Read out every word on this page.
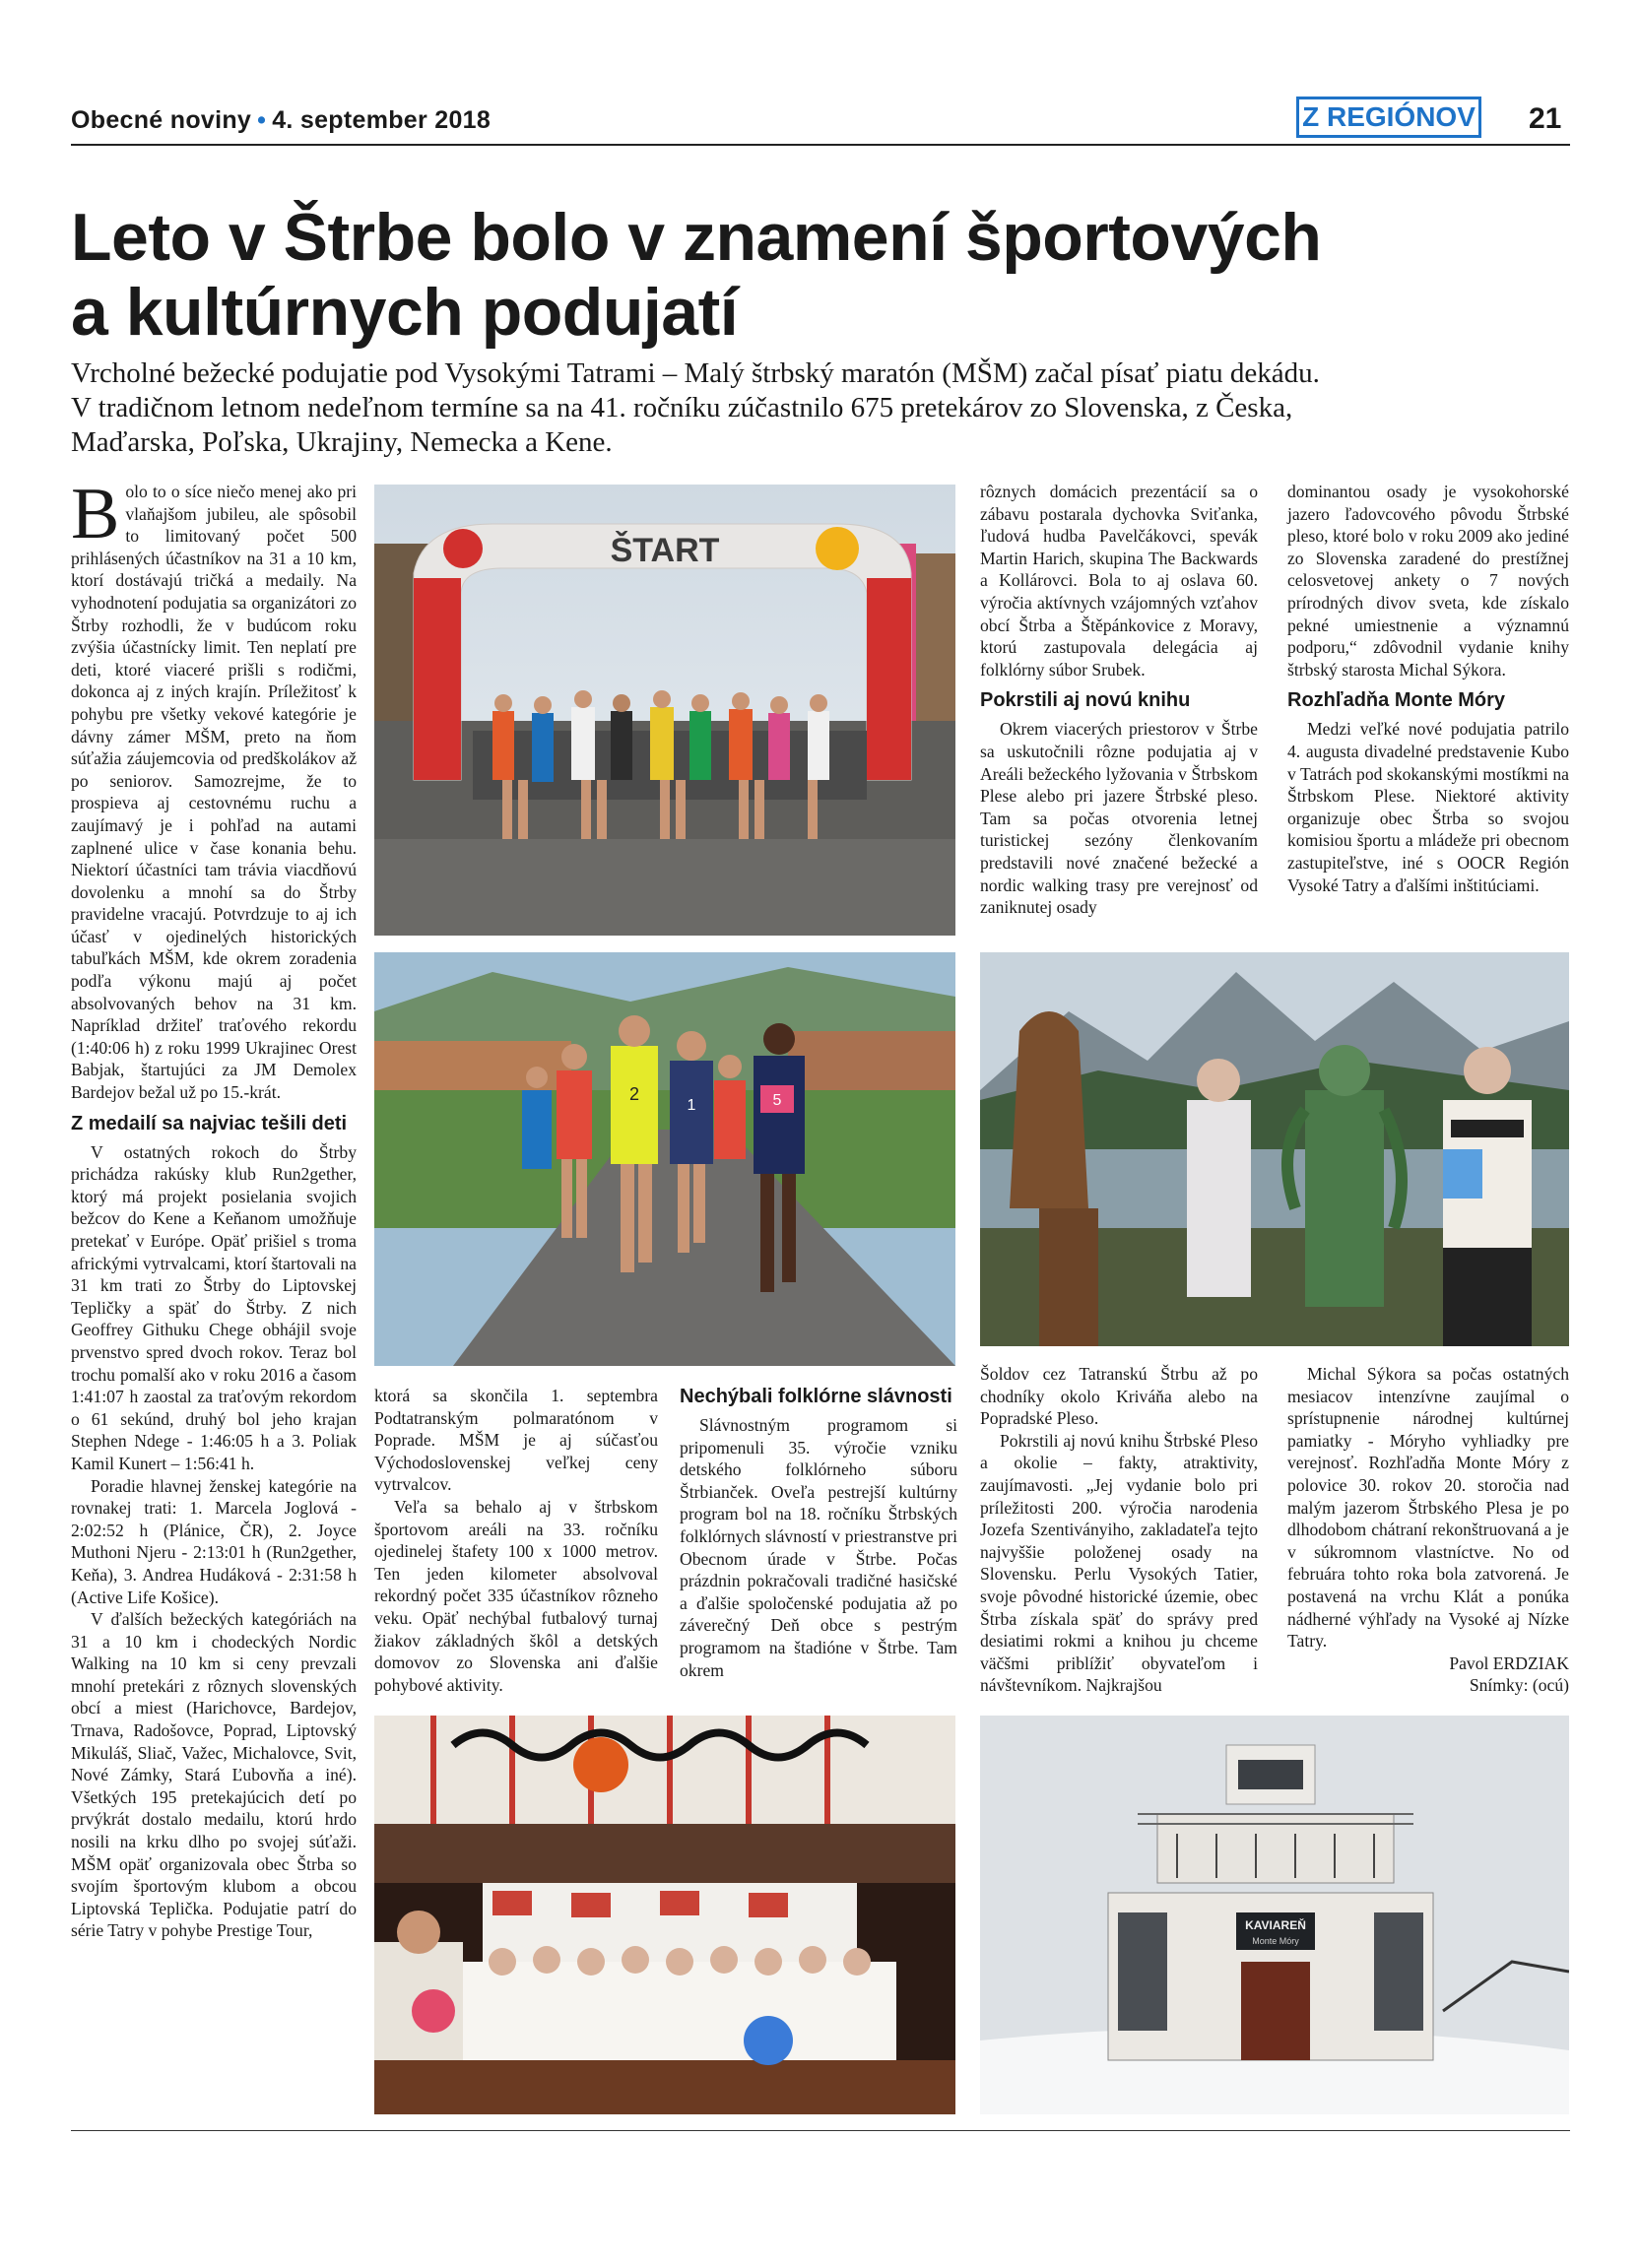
Obecné noviny • 4. september 2018	Z REGIÓNOV 21
Leto v Štrbe bolo v znamení športových
a kultúrnych podujatí
Vrcholné bežecké podujatie pod Vysokými Tatrami – Malý štrbský maratón (MŠM) začal písať piatu dekádu.
V tradičnom letnom nedeľnom termíne sa na 41. ročníku zúčastnilo 675 pretekárov zo Slovenska, z Česka,
Maďarska, Poľska, Ukrajiny, Nemecka a Kene.

Bolo to o síce niečo menej ako pri vlaňajšom jubileu, ale spôsobil to limitovaný počet 500 prihlásených účastníkov na 31 a 10 km, ktorí dostávajú tričká a medaily. Na vyhodnotení podujatia sa organizátori zo Štrby rozhodli, že v budúcom roku zvýšia účastnícky limit. Ten neplatí pre deti, ktoré viaceré prišli s rodičmi, dokonca aj z iných krajín. Príležitosť k pohybu pre všetky vekové kategórie je dávny zámer MŠM, preto na ňom súťažia záujemcovia od predškolákov až po seniorov. Samozrejme, že to prospieva aj cestovnému ruchu a zaujímavý je i pohľad na autami zaplnené ulice v čase konania behu. Niektorí účastníci tam trávia viacdňovú dovolenku a mnohí sa do Štrby pravidelne vracajú. Potvrdzuje to aj ich účasť v ojedinelých historických tabuľkách MŠM, kde okrem zoradenia podľa výkonu majú aj počet absolvovaných behov na 31 km. Napríklad držiteľ traťového rekordu (1:40:06 h) z roku 1999 Ukrajinec Orest Babjak, štartujúci za JM Demolex Bardejov bežal už po 15.-krát.

Z medailí sa najviac tešili deti

V ostatných rokoch do Štrby prichádza rakúsky klub Run2gether, ktorý má projekt posielania svojich bežcov do Kene a Keňanom umožňuje pretekať v Európe. Opäť prišiel s troma africkými vytrvalcami, ktorí štartovali na 31 km trati zo Štrby do Liptovskej Tepličky a späť do Štrby. Z nich Geoffrey Githuku Chege obhájil svoje prvenstvo spred dvoch rokov. Teraz bol trochu pomalší ako v roku 2016 a časom 1:41:07 h zaostal za traťovým rekordom o 61 sekúnd, druhý bol jeho krajan Stephen Ndege - 1:46:05 h a 3. Poliak Kamil Kunert – 1:56:41 h.

Poradie hlavnej ženskej kategórie na rovnakej trati: 1. Marcela Joglová - 2:02:52 h (Plánice, ČR), 2. Joyce Muthoni Njeru - 2:13:01 h (Run2gether, Keňa), 3. Andrea Hudáková - 2:31:58 h (Active Life Košice).

V ďalších bežeckých kategóriách na 31 a 10 km i chodeckých Nordic Walking na 10 km si ceny prevzali mnohí pretekári z rôznych slovenských obcí a miest (Harichovce, Bardejov, Trnava, Radošovce, Poprad, Liptovský Mikuláš, Sliač, Važec, Michalovce, Svit, Nové Zámky, Stará Ľubovňa a iné). Všetkých 195 pretekajúcich detí po prvýkrát dostalo medailu, ktorú hrdo nosili na krku dlho po svojej súťaži. MŠM opäť organizovala obec Štrba so svojím športovým klubom a obcou Liptovská Teplička. Podujatie patrí do série Tatry v pohybe Prestige Tour,

ŠTART
2
1	5

ktorá sa skončila 1. septembra Podtatranským polmaratónom v Poprade. MŠM je aj súčasťou Východoslovenskej veľkej ceny vytrvalcov.

Veľa sa behalo aj v štrbskom športovom areáli na 33. ročníku ojedinelej štafety 100 x 1000 metrov. Ten jeden kilometer absolvoval rekordný počet 335 účastníkov rôzneho veku. Opäť nechýbal futbalový turnaj žiakov základných škôl a detských domovov zo Slovenska ani ďalšie pohybové aktivity.

Nechýbali folklórne slávnosti

Slávnostným programom si pripomenuli 35. výročie vzniku detského folklórneho súboru Štrbianček. Oveľa pestrejší kultúrny program bol na 18. ročníku Štrbských folklórnych slávností v priestranstve pri Obecnom úrade v Štrbe. Počas prázdnin pokračovali tradičné hasičské a ďalšie spoločenské podujatia až po záverečný Deň obce s pestrým programom na štadióne v Štrbe. Tam okrem

rôznych domácich prezentácií sa o zábavu postarala dychovka Sviťanka, ľudová hudba Pavelčákovci, spevák Martin Harich, skupina The Backwards a Kollárovci. Bola to aj oslava 60. výročia aktívnych vzájomných vzťahov obcí Štrba a Štěpánkovice z Moravy, ktorú zastupovala delegácia aj folklórny súbor Srubek.

Pokrstili aj novú knihu

Okrem viacerých priestorov v Štrbe sa uskutočnili rôzne podujatia aj v Areáli bežeckého lyžovania v Štrbskom Plese alebo pri jazere Štrbské pleso. Tam sa počas otvorenia letnej turistickej sezóny členkovaním predstavili nové značené bežecké a nordic walking trasy pre verejnosť od zaniknutej osady

dominantou osady je vysokohorské jazero ľadovcového pôvodu Štrbské pleso, ktoré bolo v roku 2009 ako jediné zo Slovenska zaradené do prestížnej celosvetovej ankety o 7 nových prírodných divov sveta, kde získalo pekné umiestnenie a významnú podporu,“ zdôvodnil vydanie knihy štrbský starosta Michal Sýkora.

Rozhľadňa Monte Móry

Medzi veľké nové podujatia patrilo 4. augusta divadelné predstavenie Kubo v Tatrách pod skokanskými mostíkmi na Štrbskom Plese. Niektoré aktivity organizuje obec Štrba so svojou komisiou športu a mládeže pri obecnom zastupiteľstve, iné s OOCR Región Vysoké Tatry a ďalšími inštitúciami.

Šoldov cez Tatranskú Štrbu až po chodníky okolo Kriváňa alebo na Popradské Pleso.

Pokrstili aj novú knihu Štrbské Pleso a okolie – fakty, atraktivity, zaujímavosti. „Jej vydanie bolo pri príležitosti 200. výročia narodenia Jozefa Szentiványiho, zakladateľa tejto najvyššie položenej osady na Slovensku. Perlu Vysokých Tatier, svoje pôvodné historické územie, obec Štrba získala späť do správy pred desiatimi rokmi a knihou ju chceme väčšmi priblížiť obyvateľom i návštevníkom. Najkrajšou

Michal Sýkora sa počas ostatných mesiacov intenzívne zaujímal o sprístupnenie národnej kultúrnej pamiatky - Móryho vyhliadky pre verejnosť. Rozhľadňa Monte Móry z polovice 30. rokov 20. storočia nad malým jazerom Štrbského Plesa je po dlhodobom chátraní rekonštruovaná a je v súkromnom vlastníctve. No od februára tohto roka bola zatvorená. Je postavená na vrchu Klát a ponúka nádherné výhľady na Vysoké aj Nízke Tatry.

Pavol ERDZIAK
Snímky: (ocú)
KAVIAREŇ
Monte Móry
